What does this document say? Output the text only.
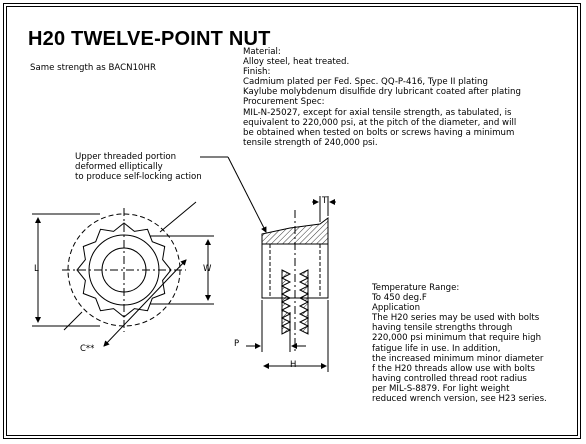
H20 TWELVE-POINT NUT
Same strength as BACN10HR
Material:
Alloy steel, heat treated.
Finish:
Cadmium plated per Fed. Spec. QQ-P-416, Type II plating
Kaylube molybdenum disulfide dry lubricant coated after plating
Procurement Spec:
MIL-N-25027, except for axial tensile strength, as tabulated, is
equivalent to 220,000 psi, at the pitch of the diameter, and will
be obtained when tested on bolts or screws having a minimum
tensile strength of 240,000 psi.
Upper threaded portion
deformed elliptically
to produce self-locking action
Temperature Range:
To 450 deg.F
Application
The H20 series may be used with bolts
having tensile strengths through
220,000 psi minimum that require high
fatigue life in use. In addition,
the increased minimum minor diameter
f the H20 threads allow use with bolts
having controlled thread root radius
per MIL-S-8879. For light weight
reduced wrench version, see H23 series.
L	W
C**
T
P
H
